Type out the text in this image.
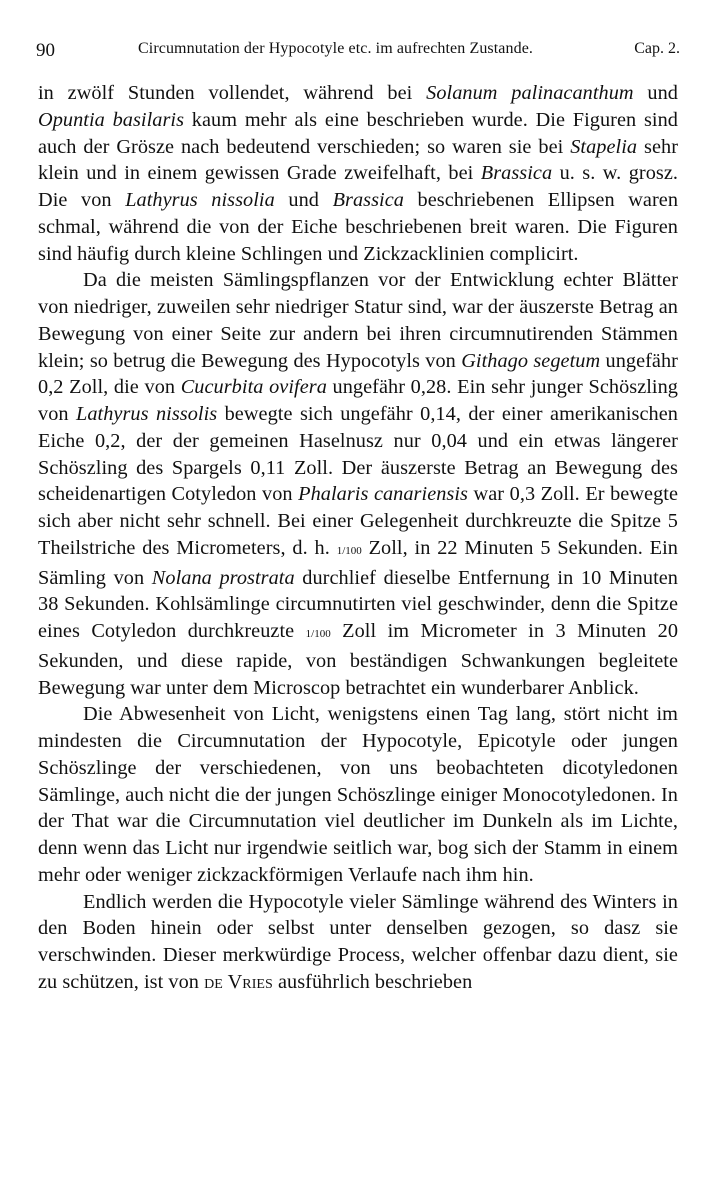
90	Circumnutation der Hypocotyle etc. im aufrechten Zustande.	Cap. 2.

in zwölf Stunden vollendet, während bei Solanum palinacanthum und Opuntia basilaris kaum mehr als eine beschrieben wurde. Die Figuren sind auch der Grösze nach bedeutend verschieden; so waren sie bei Stapelia sehr klein und in einem gewissen Grade zweifelhaft, bei Brassica u. s. w. grosz. Die von Lathyrus nissolia und Brassica beschriebenen Ellipsen waren schmal, während die von der Eiche beschriebenen breit waren. Die Figuren sind häufig durch kleine Schlingen und Zickzacklinien complicirt.

Da die meisten Sämlingspflanzen vor der Entwicklung echter Blätter von niedriger, zuweilen sehr niedriger Statur sind, war der äuszerste Betrag an Bewegung von einer Seite zur andern bei ihren circumnutirenden Stämmen klein; so betrug die Bewegung des Hypocotyls von Githago segetum ungefähr 0,2 Zoll, die von Cucurbita ovifera ungefähr 0,28. Ein sehr junger Schöszling von Lathyrus nissolis bewegte sich ungefähr 0,14, der einer amerikanischen Eiche 0,2, der der gemeinen Haselnusz nur 0,04 und ein etwas längerer Schöszling des Spargels 0,11 Zoll. Der äuszerste Betrag an Bewegung des scheidenartigen Cotyledon von Phalaris canariensis war 0,3 Zoll. Er bewegte sich aber nicht sehr schnell. Bei einer Gelegenheit durchkreuzte die Spitze 5 Theilstriche des Micrometers, d. h. 1/100 Zoll, in 22 Minuten 5 Sekunden. Ein Sämling von Nolana prostrata durchlief dieselbe Entfernung in 10 Minuten 38 Sekunden. Kohlsämlinge circumnutirten viel geschwinder, denn die Spitze eines Cotyledon durchkreuzte 1/100 Zoll im Micrometer in 3 Minuten 20 Sekunden, und diese rapide, von beständigen Schwankungen begleitete Bewegung war unter dem Microscop betrachtet ein wunderbarer Anblick.

Die Abwesenheit von Licht, wenigstens einen Tag lang, stört nicht im mindesten die Circumnutation der Hypocotyle, Epicotyle oder jungen Schöszlinge der verschiedenen, von uns beobachteten dicotyledonen Sämlinge, auch nicht die der jungen Schöszlinge einiger Monocotyledonen. In der That war die Circumnutation viel deutlicher im Dunkeln als im Lichte, denn wenn das Licht nur irgendwie seitlich war, bog sich der Stamm in einem mehr oder weniger zickzackförmigen Verlaufe nach ihm hin.

Endlich werden die Hypocotyle vieler Sämlinge während des Winters in den Boden hinein oder selbst unter denselben gezogen, so dasz sie verschwinden. Dieser merkwürdige Process, welcher offenbar dazu dient, sie zu schützen, ist von de Vries ausführlich beschrieben
